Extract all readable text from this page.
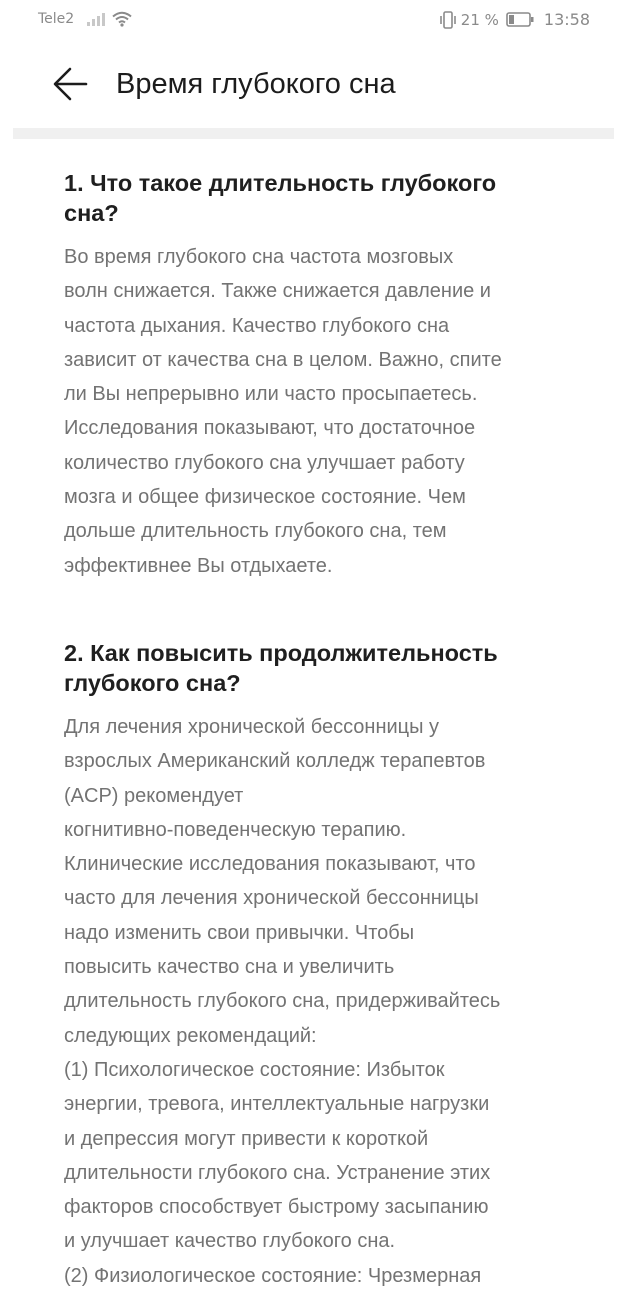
Tele2	21 %	13:58
Время глубокого сна
1. Что такое длительность глубокого
сна?

Во время глубокого сна частота мозговых
волн снижается. Также снижается давление и
частота дыхания. Качество глубокого сна
зависит от качества сна в целом. Важно, спите
ли Вы непрерывно или часто просыпаетесь.
Исследования показывают, что достаточное
количество глубокого сна улучшает работу
мозга и общее физическое состояние. Чем
дольше длительность глубокого сна, тем
эффективнее Вы отдыхаете.

2. Как повысить продолжительность
глубокого сна?

Для лечения хронической бессонницы у
взрослых Американский колледж терапевтов
(ACP) рекомендует
когнитивно-поведенческую терапию.
Клинические исследования показывают, что
часто для лечения хронической бессонницы
надо изменить свои привычки. Чтобы
повысить качество сна и увеличить
длительность глубокого сна, придерживайтесь
следующих рекомендаций:
(1) Психологическое состояние: Избыток
энергии, тревога, интеллектуальные нагрузки
и депрессия могут привести к короткой
длительности глубокого сна. Устранение этих
факторов способствует быстрому засыпанию
и улучшает качество глубокого сна.
(2) Физиологическое состояние: Чрезмерная
